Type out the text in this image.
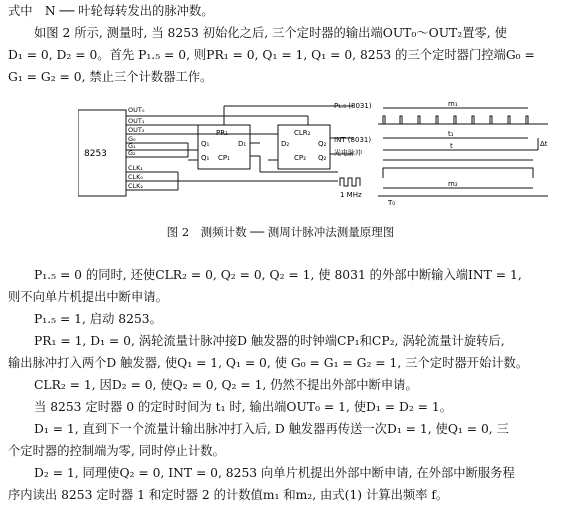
式中　N ── 叶轮每转发出的脉冲数。
如图 2 所示, 测量时, 当 8253 初始化之后, 三个定时器的输出端OUT₀～OUT₂置零, 使
D₁ = 0, D₂ = 0。首先 P₁.₅ = 0, 则PR₁ = 0, Q₁ = 1, Q₁ = 0, 8253 的三个定时器门控端G₀ =
G₁ = G₂ = 0, 禁止三个计数器工作。
8253
OUT₀
OUT₁
OUT₂
G₀
G₁
G₂
CLK₁
CLK₀
CLK₂
PR₁
Q₁
CP₁
D₁
Q₁
CLR₂
D₂	Q₂
CP₂ Q₂
P₁.₅ (8031)
INT (8031)
光电脉冲
1 MHz
m₁
t₁
t	Δt
m₂
T₀
图 2　测频计数 ── 测周计脉冲法测量原理图
P₁.₅ = 0 的同时, 还使CLR₂ = 0, Q₂ = 0, Q₂ = 1, 使 8031 的外部中断输入端INT = 1,
则不向单片机提出中断申请。
P₁.₅ = 1, 启动 8253。
PR₁ = 1, D₁ = 0, 涡轮流量计脉冲接D 触发器的时钟端CP₁和CP₂, 涡轮流量计旋转后,
输出脉冲打入两个D 触发器, 使Q₁ = 1, Q₁ = 0, 使 G₀ = G₁ = G₂ = 1, 三个定时器开始计数。
CLR₂ = 1, 因D₂ = 0, 使Q₂ = 0, Q₂ = 1, 仍然不提出外部中断申请。
当 8253 定时器 0 的定时时间为 t₁ 时, 输出端OUT₀ = 1, 使D₁ = D₂ = 1。
D₁ = 1, 直到下一个流量计输出脉冲打入后, D 触发器再传送一次D₁ = 1, 使Q₁ = 0, 三
个定时器的控制端为零, 同时停止计数。
D₂ = 1, 同理使Q₂ = 0, INT = 0, 8253 向单片机提出外部中断申请, 在外部中断服务程
序内读出 8253 定时器 1 和定时器 2 的计数值m₁ 和m₂, 由式(1) 计算出频率 f。
